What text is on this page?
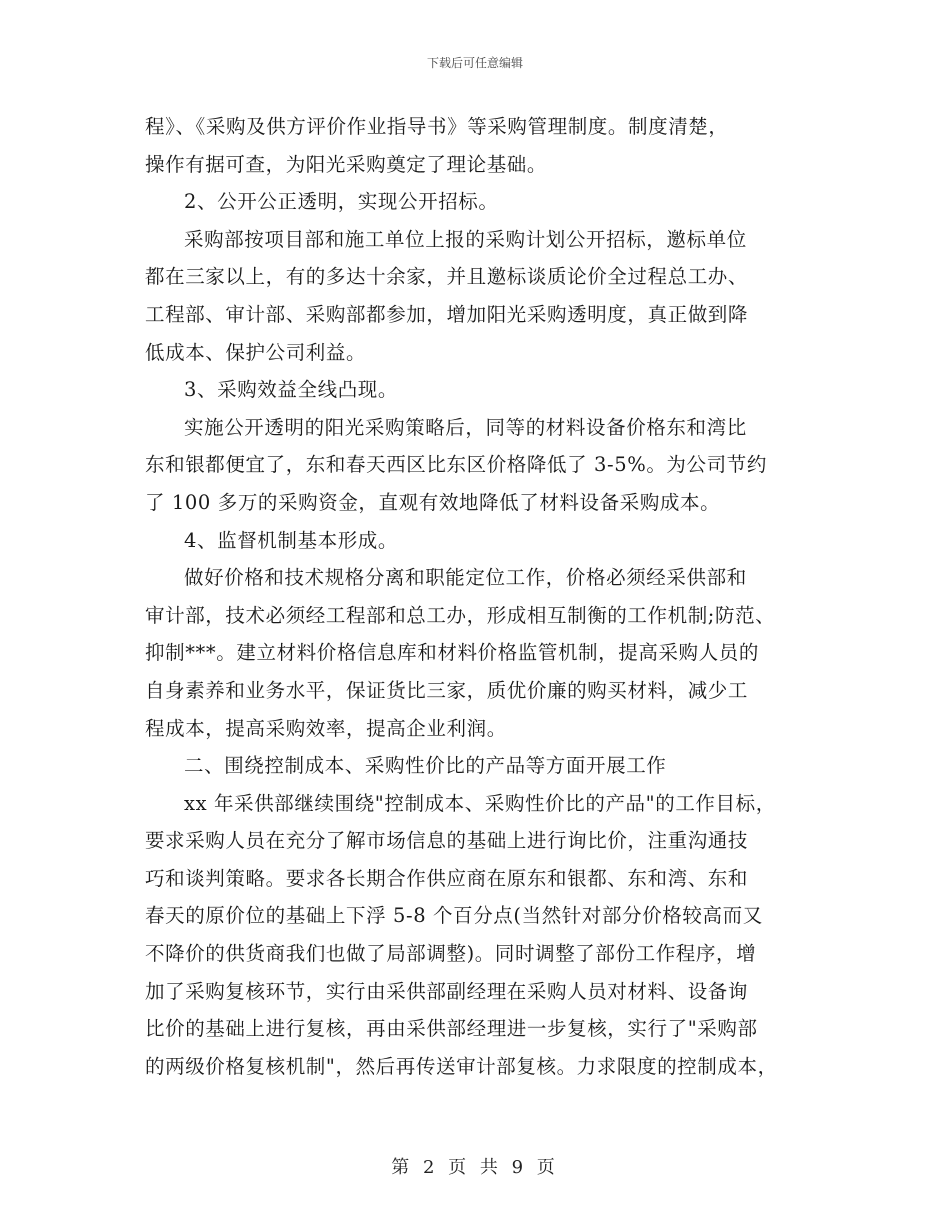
下载后可任意编辑
程》、《采购及供方评价作业指导书》等采购管理制度。制度清楚，
操作有据可查，为阳光采购奠定了理论基础。
2、公开公正透明，实现公开招标。
采购部按项目部和施工单位上报的采购计划公开招标，邀标单位
都在三家以上，有的多达十余家，并且邀标谈质论价全过程总工办、
工程部、审计部、采购部都参加，增加阳光采购透明度，真正做到降
低成本、保护公司利益。
3、采购效益全线凸现。
实施公开透明的阳光采购策略后，同等的材料设备价格东和湾比
东和银都便宜了，东和春天西区比东区价格降低了 3-5%。为公司节约
了 100 多万的采购资金，直观有效地降低了材料设备采购成本。
4、监督机制基本形成。
做好价格和技术规格分离和职能定位工作，价格必须经采供部和
审计部，技术必须经工程部和总工办，形成相互制衡的工作机制;防范、
抑制***。建立材料价格信息库和材料价格监管机制，提高采购人员的
自身素养和业务水平，保证货比三家，质优价廉的购买材料，减少工
程成本，提高采购效率，提高企业利润。
二、围绕控制成本、采购性价比的产品等方面开展工作
xx 年采供部继续围绕"控制成本、采购性价比的产品"的工作目标，
要求采购人员在充分了解市场信息的基础上进行询比价，注重沟通技
巧和谈判策略。要求各长期合作供应商在原东和银都、东和湾、东和
春天的原价位的基础上下浮 5-8 个百分点(当然针对部分价格较高而又
不降价的供货商我们也做了局部调整)。同时调整了部份工作程序，增
加了采购复核环节，实行由采供部副经理在采购人员对材料、设备询
比价的基础上进行复核，再由采供部经理进一步复核，实行了"采购部
的两级价格复核机制"，然后再传送审计部复核。力求限度的控制成本，
第 2 页 共 9 页
